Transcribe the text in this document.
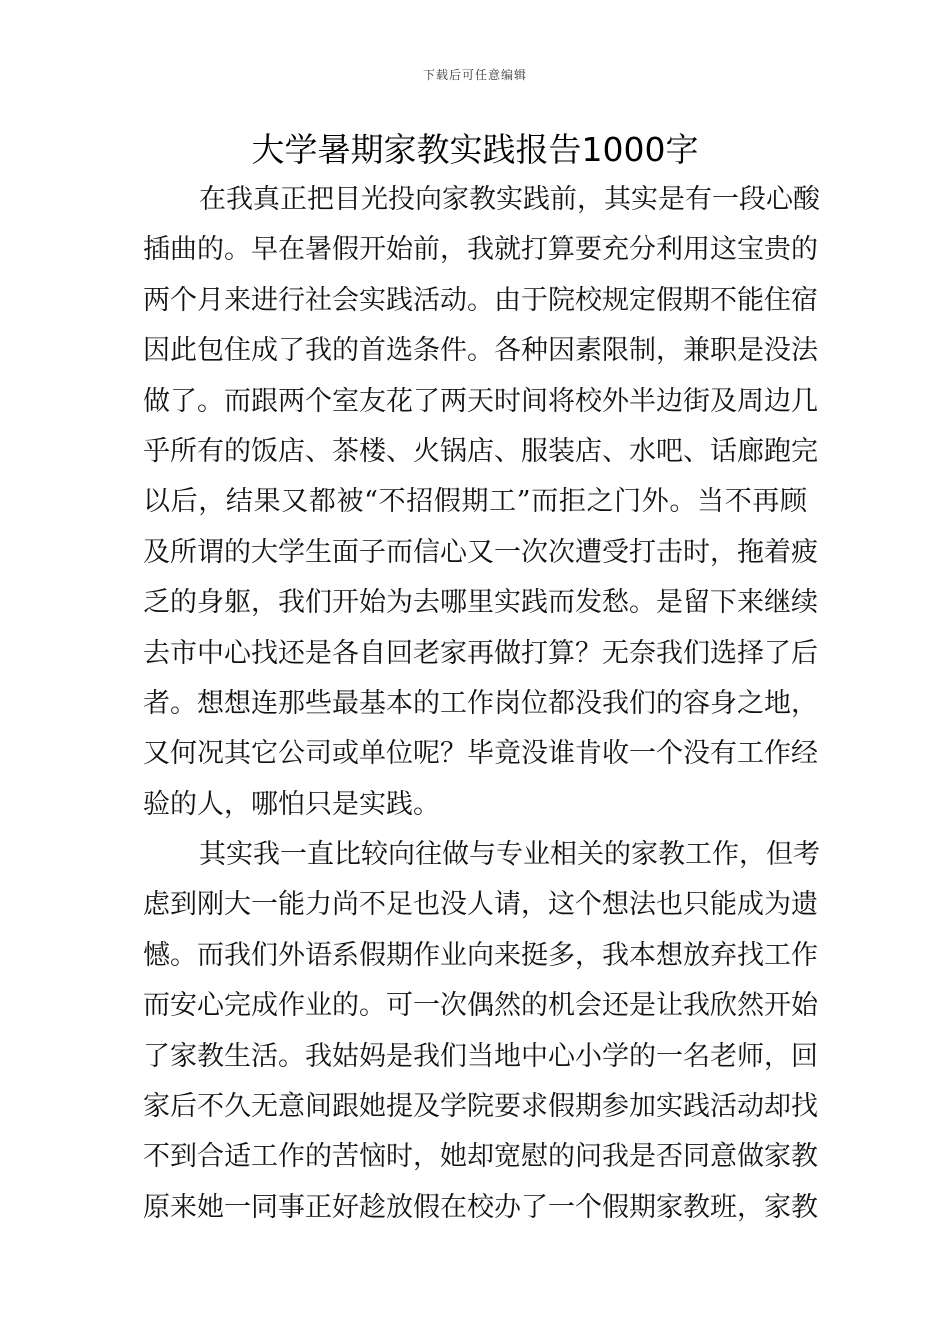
下载后可任意编辑
大学暑期家教实践报告1000字
在我真正把目光投向家教实践前，其实是有一段心酸
插曲的。早在暑假开始前，我就打算要充分利用这宝贵的
两个月来进行社会实践活动。由于院校规定假期不能住宿
因此包住成了我的首选条件。各种因素限制，兼职是没法
做了。而跟两个室友花了两天时间将校外半边街及周边几
乎所有的饭店、茶楼、火锅店、服装店、水吧、话廊跑完
以后，结果又都被“不招假期工”而拒之门外。当不再顾
及所谓的大学生面子而信心又一次次遭受打击时，拖着疲
乏的身躯，我们开始为去哪里实践而发愁。是留下来继续
去市中心找还是各自回老家再做打算？无奈我们选择了后
者。想想连那些最基本的工作岗位都没我们的容身之地，
又何况其它公司或单位呢？毕竟没谁肯收一个没有工作经
验的人，哪怕只是实践。
其实我一直比较向往做与专业相关的家教工作，但考
虑到刚大一能力尚不足也没人请，这个想法也只能成为遗
憾。而我们外语系假期作业向来挺多，我本想放弃找工作
而安心完成作业的。可一次偶然的机会还是让我欣然开始
了家教生活。我姑妈是我们当地中心小学的一名老师，回
家后不久无意间跟她提及学院要求假期参加实践活动却找
不到合适工作的苦恼时，她却宽慰的问我是否同意做家教
原来她一同事正好趁放假在校办了一个假期家教班，家教
